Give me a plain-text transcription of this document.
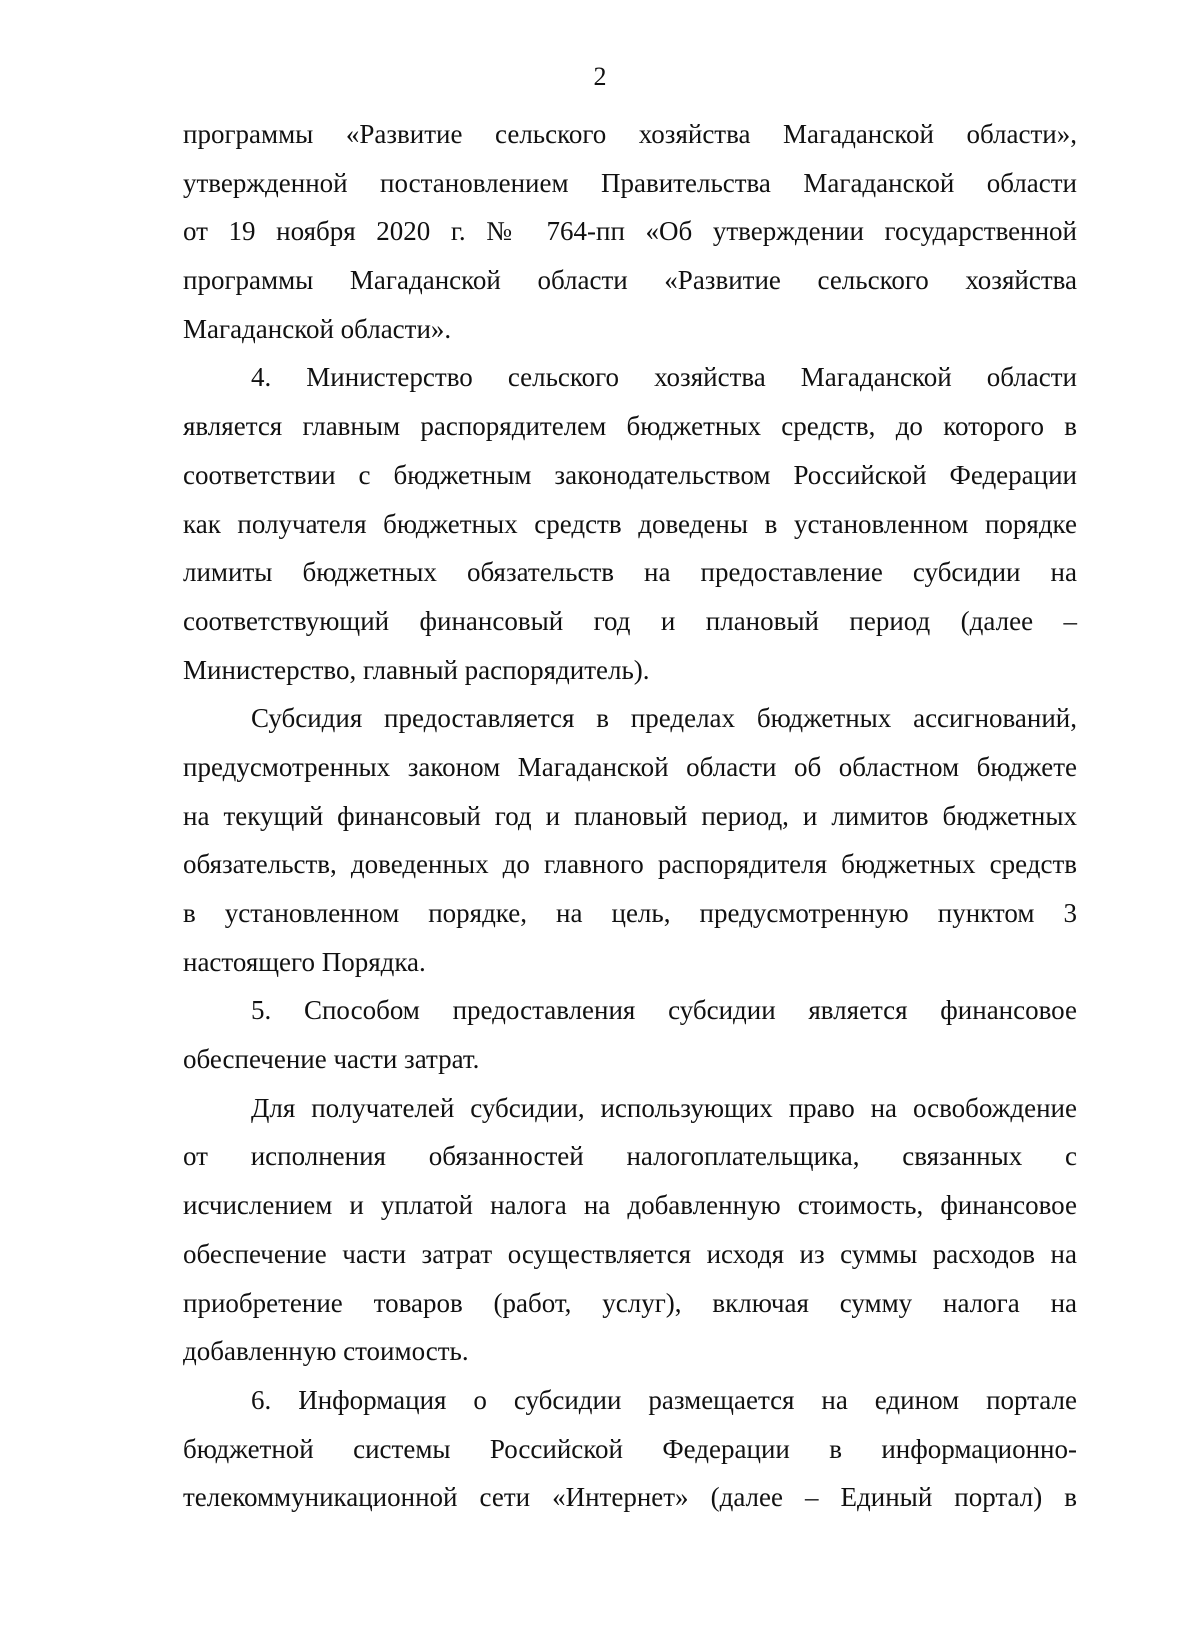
2
программы «Развитие сельского хозяйства Магаданской области»,
утвержденной постановлением Правительства Магаданской области
от 19 ноября 2020 г. № 764-пп «Об утверждении государственной
программы Магаданской области «Развитие сельского хозяйства
Магаданской области».
4. Министерство сельского хозяйства Магаданской области
является главным распорядителем бюджетных средств, до которого в
соответствии с бюджетным законодательством Российской Федерации
как получателя бюджетных средств доведены в установленном порядке
лимиты бюджетных обязательств на предоставление субсидии на
соответствующий финансовый год и плановый период (далее –
Министерство, главный распорядитель).
Субсидия предоставляется в пределах бюджетных ассигнований,
предусмотренных законом Магаданской области об областном бюджете
на текущий финансовый год и плановый период, и лимитов бюджетных
обязательств, доведенных до главного распорядителя бюджетных средств
в установленном порядке, на цель, предусмотренную пунктом 3
настоящего Порядка.
5. Способом предоставления субсидии является финансовое
обеспечение части затрат.
Для получателей субсидии, использующих право на освобождение
от исполнения обязанностей налогоплательщика, связанных с
исчислением и уплатой налога на добавленную стоимость, финансовое
обеспечение части затрат осуществляется исходя из суммы расходов на
приобретение товаров (работ, услуг), включая сумму налога на
добавленную стоимость.
6. Информация о субсидии размещается на едином портале
бюджетной системы Российской Федерации в информационно-
телекоммуникационной сети «Интернет» (далее – Единый портал) в
